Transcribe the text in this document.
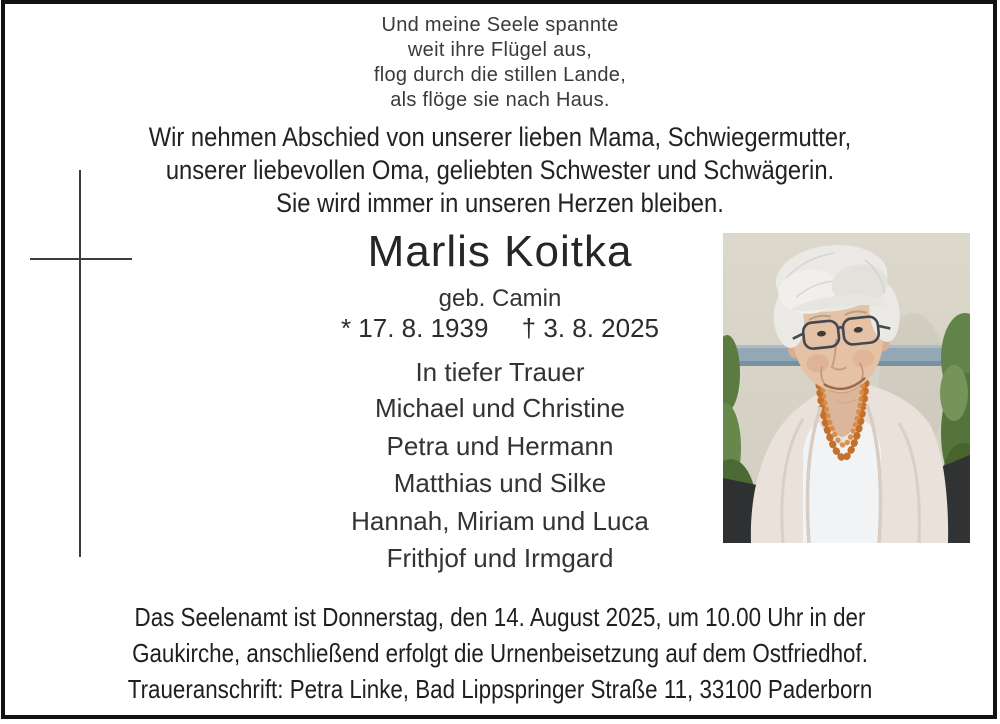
Und meine Seele spannte
weit ihre Flügel aus,
flog durch die stillen Lande,
als flöge sie nach Haus.
Wir nehmen Abschied von unserer lieben Mama, Schwiegermutter,
unserer liebevollen Oma, geliebten Schwester und Schwägerin.
Sie wird immer in unseren Herzen bleiben.
Marlis Koitka
geb. Camin
* 17. 8. 1939 † 3. 8. 2025
In tiefer Trauer
Michael und Christine
Petra und Hermann
Matthias und Silke
Hannah, Miriam und Luca
Frithjof und Irmgard
Das Seelenamt ist Donnerstag, den 14. August 2025, um 10.00 Uhr in der
Gaukirche, anschließend erfolgt die Urnenbeisetzung auf dem Ostfriedhof.
Traueranschrift: Petra Linke, Bad Lippspringer Straße 11, 33100 Paderborn
